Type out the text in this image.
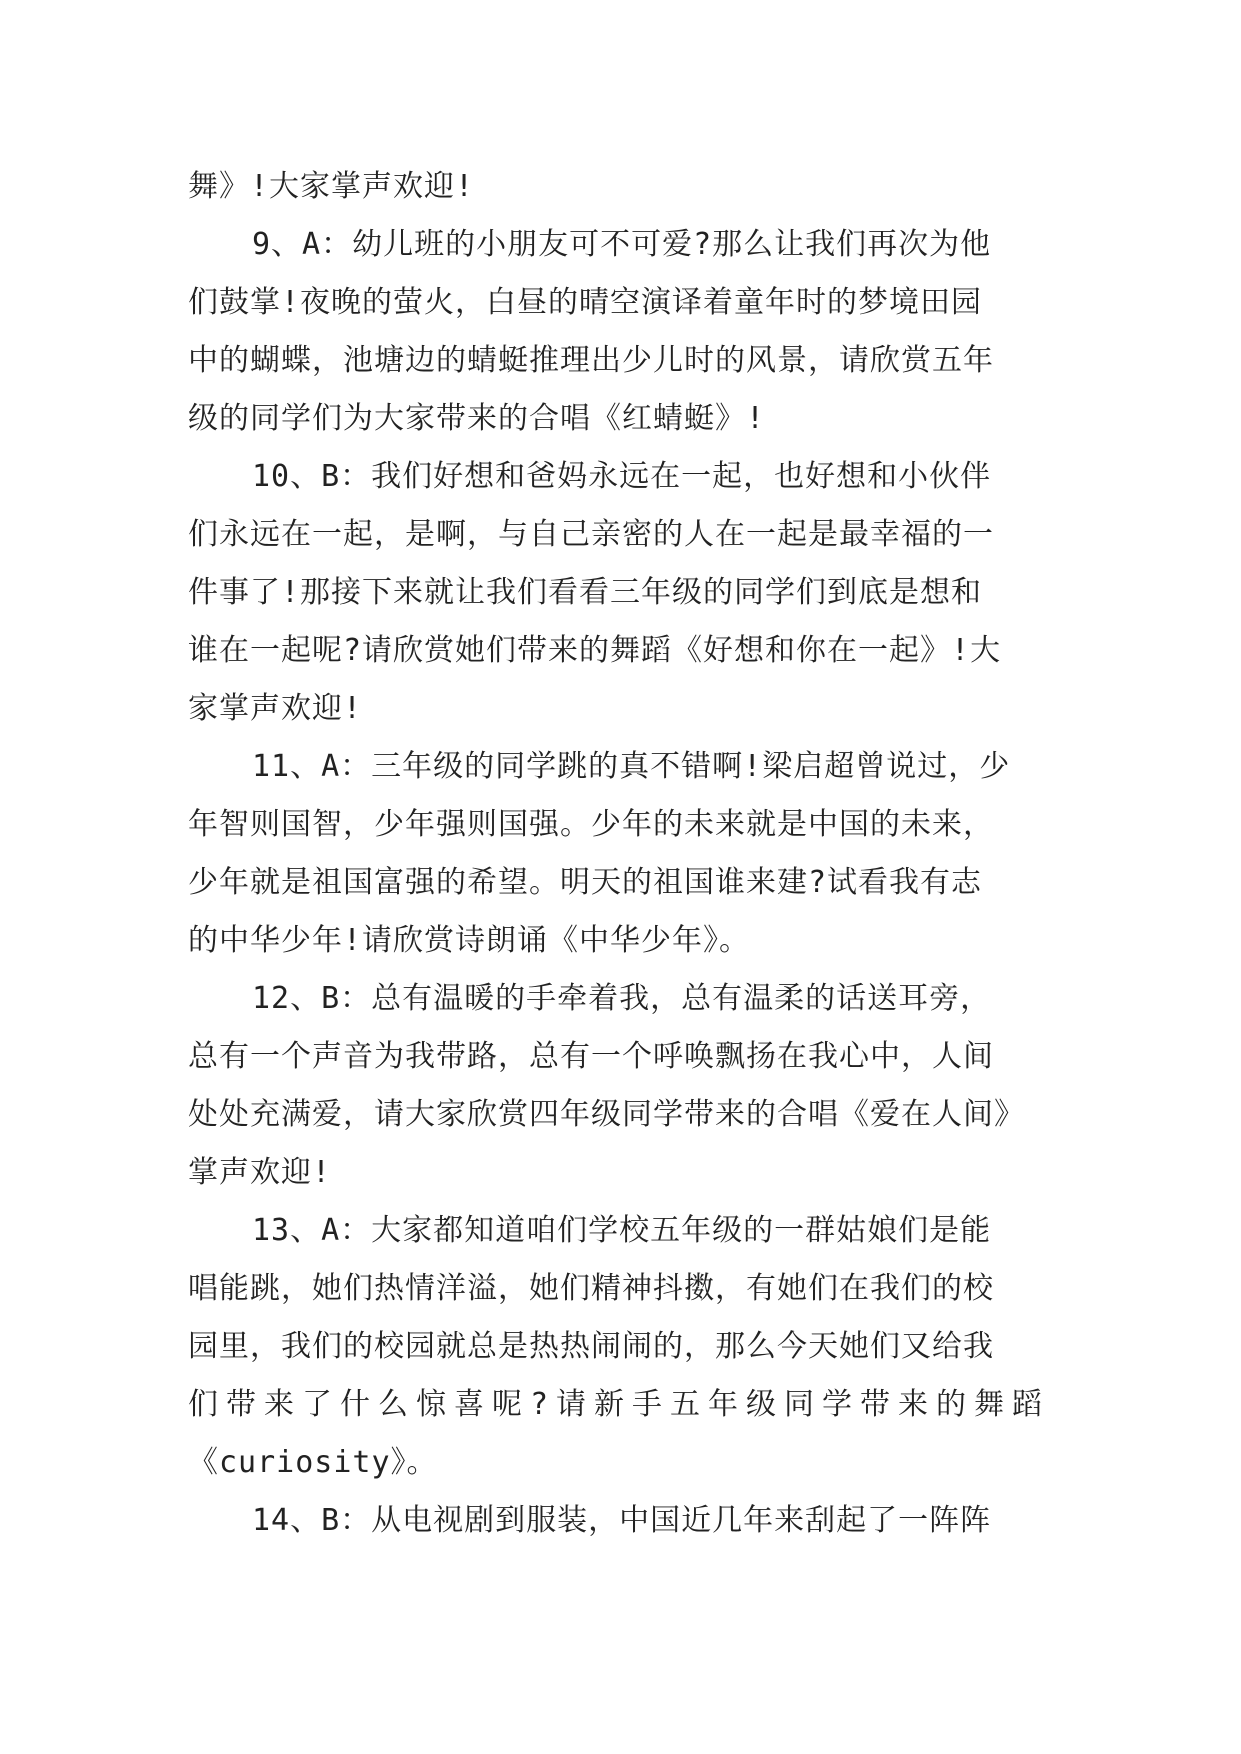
舞》!大家掌声欢迎!
9、A：幼儿班的小朋友可不可爱?那么让我们再次为他
们鼓掌!夜晚的萤火，白昼的晴空演译着童年时的梦境田园
中的蝴蝶，池塘边的蜻蜓推理出少儿时的风景，请欣赏五年
级的同学们为大家带来的合唱《红蜻蜓》!
10、B：我们好想和爸妈永远在一起，也好想和小伙伴
们永远在一起，是啊，与自己亲密的人在一起是最幸福的一
件事了!那接下来就让我们看看三年级的同学们到底是想和
谁在一起呢?请欣赏她们带来的舞蹈《好想和你在一起》!大
家掌声欢迎!
11、A：三年级的同学跳的真不错啊!梁启超曾说过，少
年智则国智，少年强则国强。少年的未来就是中国的未来，
少年就是祖国富强的希望。明天的祖国谁来建?试看我有志
的中华少年!请欣赏诗朗诵《中华少年》。
12、B：总有温暖的手牵着我，总有温柔的话送耳旁，
总有一个声音为我带路，总有一个呼唤飘扬在我心中，人间
处处充满爱，请大家欣赏四年级同学带来的合唱《爱在人间》
掌声欢迎!
13、A：大家都知道咱们学校五年级的一群姑娘们是能
唱能跳，她们热情洋溢，她们精神抖擞，有她们在我们的校
园里，我们的校园就总是热热闹闹的，那么今天她们又给我
们带来了什么惊喜呢?请新手五年级同学带来的舞蹈
《curiosity》。
14、B：从电视剧到服装，中国近几年来刮起了一阵阵
